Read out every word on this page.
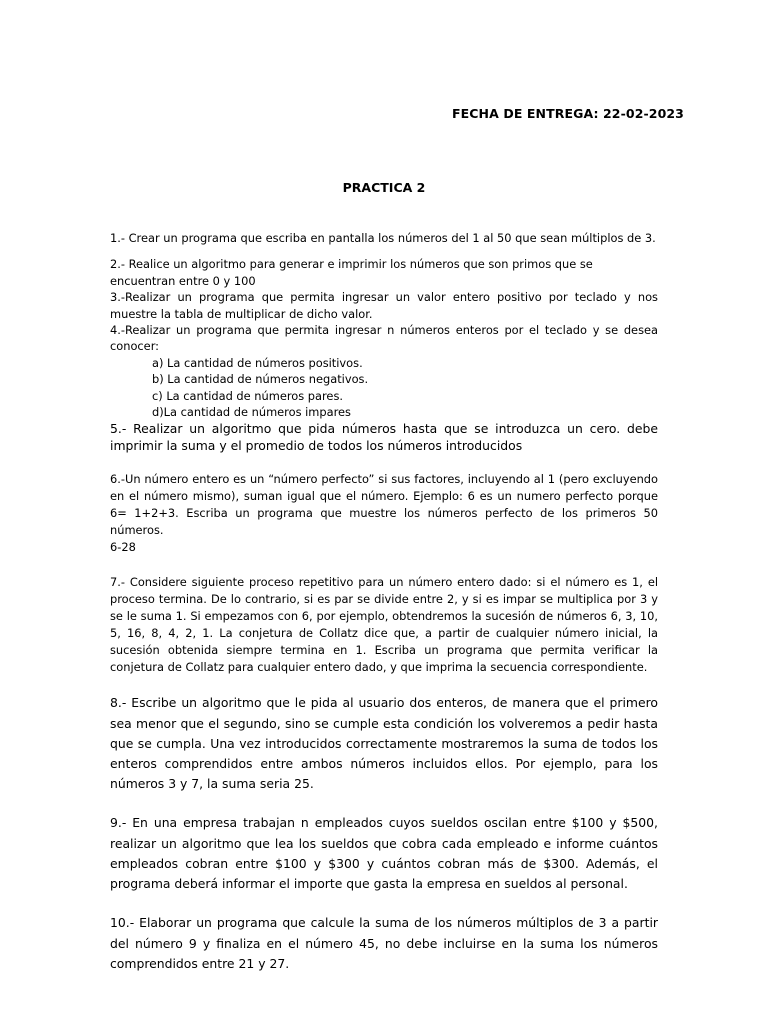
FECHA DE ENTREGA: 22-02-2023
PRACTICA 2

1.- Crear un programa que escriba en pantalla los números del 1 al 50 que sean múltiplos de 3.

2.- Realice un algoritmo para generar e imprimir los números que son primos que se encuentran entre 0 y 100

3.-Realizar un programa que permita ingresar un valor entero positivo por teclado y nos muestre la tabla de multiplicar de dicho valor.

4.-Realizar un programa que permita ingresar n números enteros por el teclado y se desea conocer:

a) La cantidad de números positivos.

b) La cantidad de números negativos.

c) La cantidad de números pares.

d)La cantidad de números impares

5.- Realizar un algoritmo que pida números hasta que se introduzca un cero. debe imprimir la suma y el promedio de todos los números introducidos

6.-Un número entero es un “número perfecto” si sus factores, incluyendo al 1 (pero excluyendo en el número mismo), suman igual que el número. Ejemplo: 6 es un numero perfecto porque 6= 1+2+3. Escriba un programa que muestre los números perfecto de los primeros 50 números.

6-28

7.- Considere siguiente proceso repetitivo para un número entero dado: si el número es 1, el proceso termina. De lo contrario, si es par se divide entre 2, y si es impar se multiplica por 3 y se le suma 1. Si empezamos con 6, por ejemplo, obtendremos la sucesión de números 6, 3, 10, 5, 16, 8, 4, 2, 1. La conjetura de Collatz dice que, a partir de cualquier número inicial, la sucesión obtenida siempre termina en 1. Escriba un programa que permita verificar la conjetura de Collatz para cualquier entero dado, y que imprima la secuencia correspondiente.

8.- Escribe un algoritmo que le pida al usuario dos enteros, de manera que el primero sea menor que el segundo, sino se cumple esta condición los volveremos a pedir hasta que se cumpla. Una vez introducidos correctamente mostraremos la suma de todos los enteros comprendidos entre ambos números incluidos ellos. Por ejemplo, para los números 3 y 7, la suma seria 25.

9.- En una empresa trabajan n empleados cuyos sueldos oscilan entre $100 y $500, realizar un algoritmo que lea los sueldos que cobra cada empleado e informe cuántos empleados cobran entre $100 y $300 y cuántos cobran más de $300. Además, el programa deberá informar el importe que gasta la empresa en sueldos al personal.

10.- Elaborar un programa que calcule la suma de los números múltiplos de 3 a partir del número 9 y finaliza en el número 45, no debe incluirse en la suma los números comprendidos entre 21 y 27.
